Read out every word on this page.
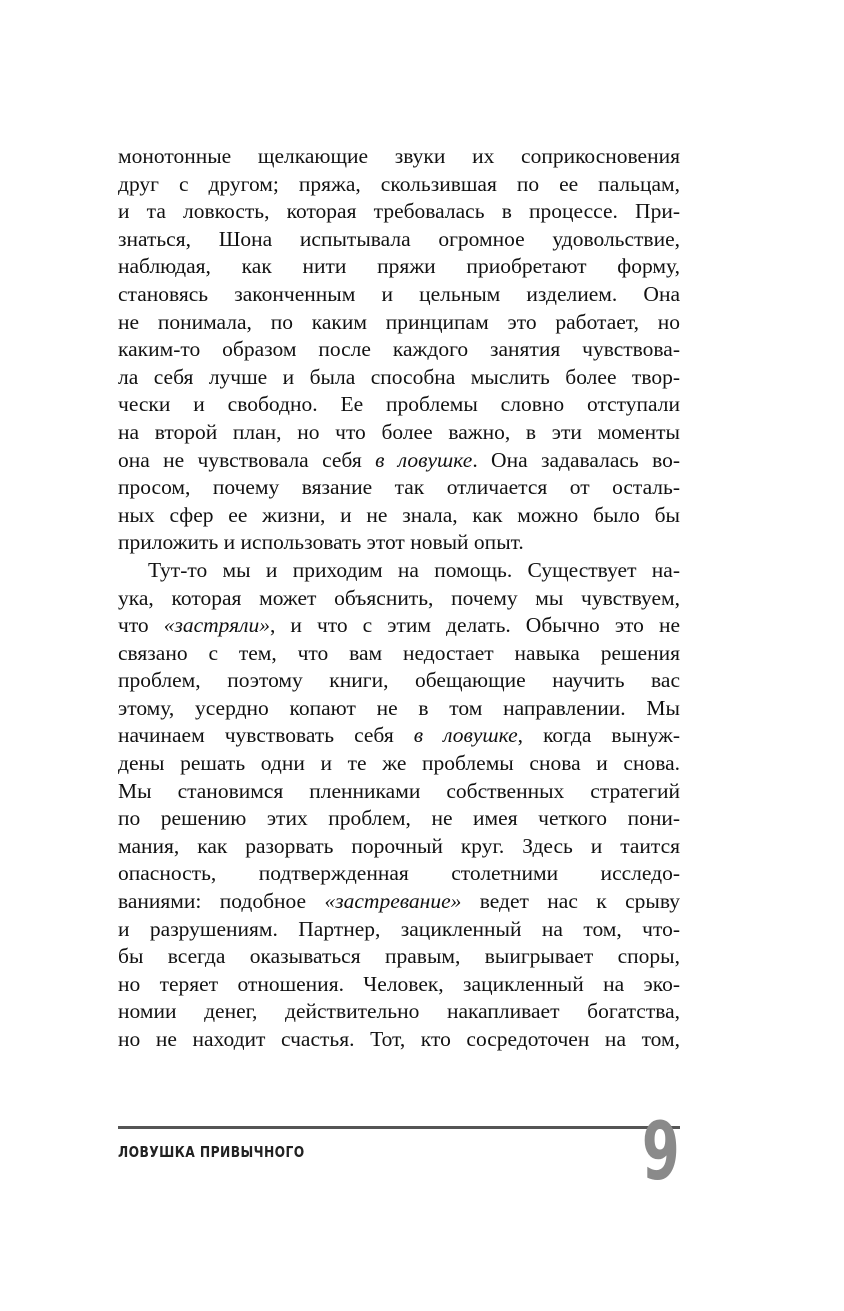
монотонные щелкающие звуки их соприкосновения
друг с другом; пряжа, скользившая по ее пальцам,
и та ловкость, которая требовалась в процессе. При-
знаться, Шона испытывала огромное удовольствие,
наблюдая, как нити пряжи приобретают форму,
становясь законченным и цельным изделием. Она
не понимала, по каким принципам это работает, но
каким-то образом после каждого занятия чувствова-
ла себя лучше и была способна мыслить более твор-
чески и свободно. Ее проблемы словно отступали
на второй план, но что более важно, в эти моменты
она не чувствовала себя в ловушке. Она задавалась во-
просом, почему вязание так отличается от осталь-
ных сфер ее жизни, и не знала, как можно было бы
приложить и использовать этот новый опыт.
Тут-то мы и приходим на помощь. Существует на-
ука, которая может объяснить, почему мы чувствуем,
что «застряли», и что с этим делать. Обычно это не
связано с тем, что вам недостает навыка решения
проблем, поэтому книги, обещающие научить вас
этому, усердно копают не в том направлении. Мы
начинаем чувствовать себя в ловушке, когда вынуж-
дены решать одни и те же проблемы снова и снова.
Мы становимся пленниками собственных стратегий
по решению этих проблем, не имея четкого пони-
мания, как разорвать порочный круг. Здесь и таится
опасность, подтвержденная столетними исследо-
ваниями: подобное «застревание» ведет нас к срыву
и разрушениям. Партнер, зацикленный на том, что-
бы всегда оказываться правым, выигрывает споры,
но теряет отношения. Человек, зацикленный на эко-
номии денег, действительно накапливает богатства,
но не находит счастья. Тот, кто сосредоточен на том,
ЛОВУШКА ПРИВЫЧНОГО	9
